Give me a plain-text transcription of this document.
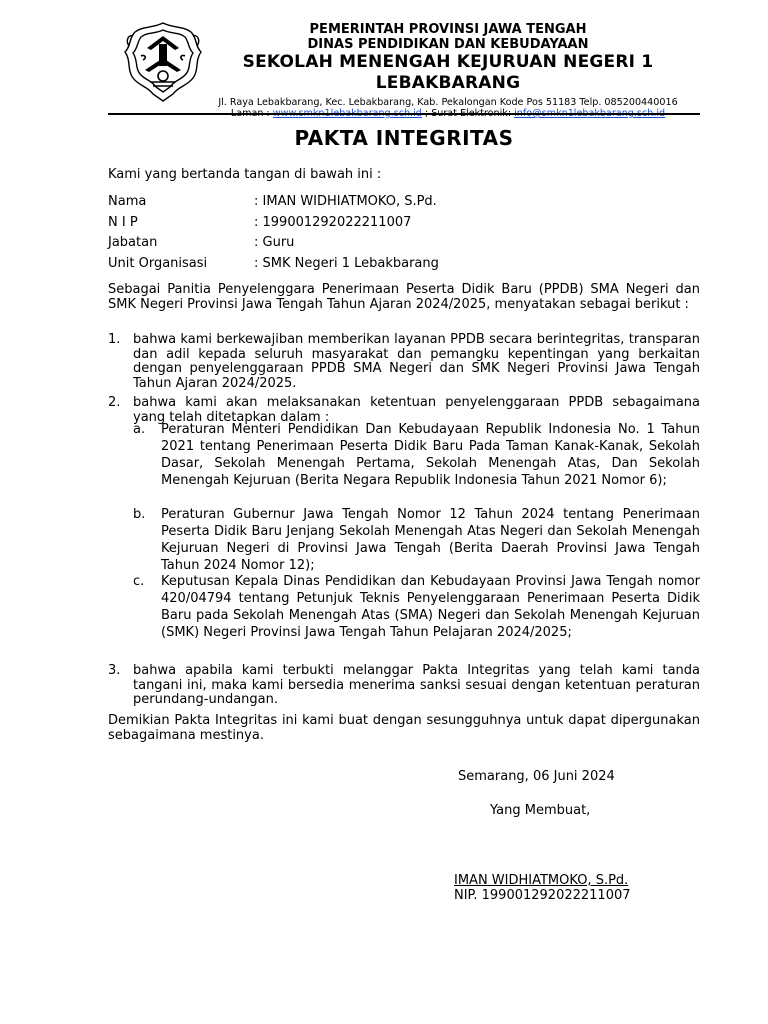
PEMERINTAH PROVINSI JAWA TENGAH
DINAS PENDIDIKAN DAN KEBUDAYAAN
SEKOLAH MENENGAH KEJURUAN NEGERI 1
LEBAKBARANG
Jl. Raya Lebakbarang, Kec. Lebakbarang, Kab. Pekalongan Kode Pos 51183 Telp. 085200440016
Laman : www.smkn1lebakbarang.sch.id ; Surat Elektronik: info@smkn1lebakbarang.sch.id
PAKTA INTEGRITAS
Kami yang bertanda tangan di bawah ini :
Nama	: IMAN WIDHIATMOKO, S.Pd.
N I P	: 199001292022211007
Jabatan	: Guru
Unit Organisasi	: SMK Negeri 1 Lebakbarang
Sebagai Panitia Penyelenggara Penerimaan Peserta Didik Baru (PPDB) SMA Negeri dan SMK Negeri Provinsi Jawa Tengah Tahun Ajaran 2024/2025, menyatakan sebagai berikut :
1. bahwa kami berkewajiban memberikan layanan PPDB secara berintegritas, transparan dan adil kepada seluruh masyarakat dan pemangku kepentingan yang berkaitan dengan penyelenggaraan PPDB SMA Negeri dan SMK Negeri Provinsi Jawa Tengah Tahun Ajaran 2024/2025.
2. bahwa kami akan melaksanakan ketentuan penyelenggaraan PPDB sebagaimana yang telah ditetapkan dalam :
a. Peraturan Menteri Pendidikan Dan Kebudayaan Republik Indonesia No. 1 Tahun 2021 tentang Penerimaan Peserta Didik Baru Pada Taman Kanak-Kanak, Sekolah Dasar, Sekolah Menengah Pertama, Sekolah Menengah Atas, Dan Sekolah Menengah Kejuruan (Berita Negara Republik Indonesia Tahun 2021 Nomor 6);
b. Peraturan Gubernur Jawa Tengah Nomor 12 Tahun 2024 tentang Penerimaan Peserta Didik Baru Jenjang Sekolah Menengah Atas Negeri dan Sekolah Menengah Kejuruan Negeri di Provinsi Jawa Tengah (Berita Daerah Provinsi Jawa Tengah Tahun 2024 Nomor 12);
c. Keputusan Kepala Dinas Pendidikan dan Kebudayaan Provinsi Jawa Tengah nomor 420/04794 tentang Petunjuk Teknis Penyelenggaraan Penerimaan Peserta Didik Baru pada Sekolah Menengah Atas (SMA) Negeri dan Sekolah Menengah Kejuruan (SMK) Negeri Provinsi Jawa Tengah Tahun Pelajaran 2024/2025;
3. bahwa apabila kami terbukti melanggar Pakta Integritas yang telah kami tanda tangani ini, maka kami bersedia menerima sanksi sesuai dengan ketentuan peraturan perundang-undangan.
Demikian Pakta Integritas ini kami buat dengan sesungguhnya untuk dapat dipergunakan sebagaimana mestinya.
Semarang, 06 Juni 2024
Yang Membuat,
IMAN WIDHIATMOKO, S.Pd.
NIP. 199001292022211007
